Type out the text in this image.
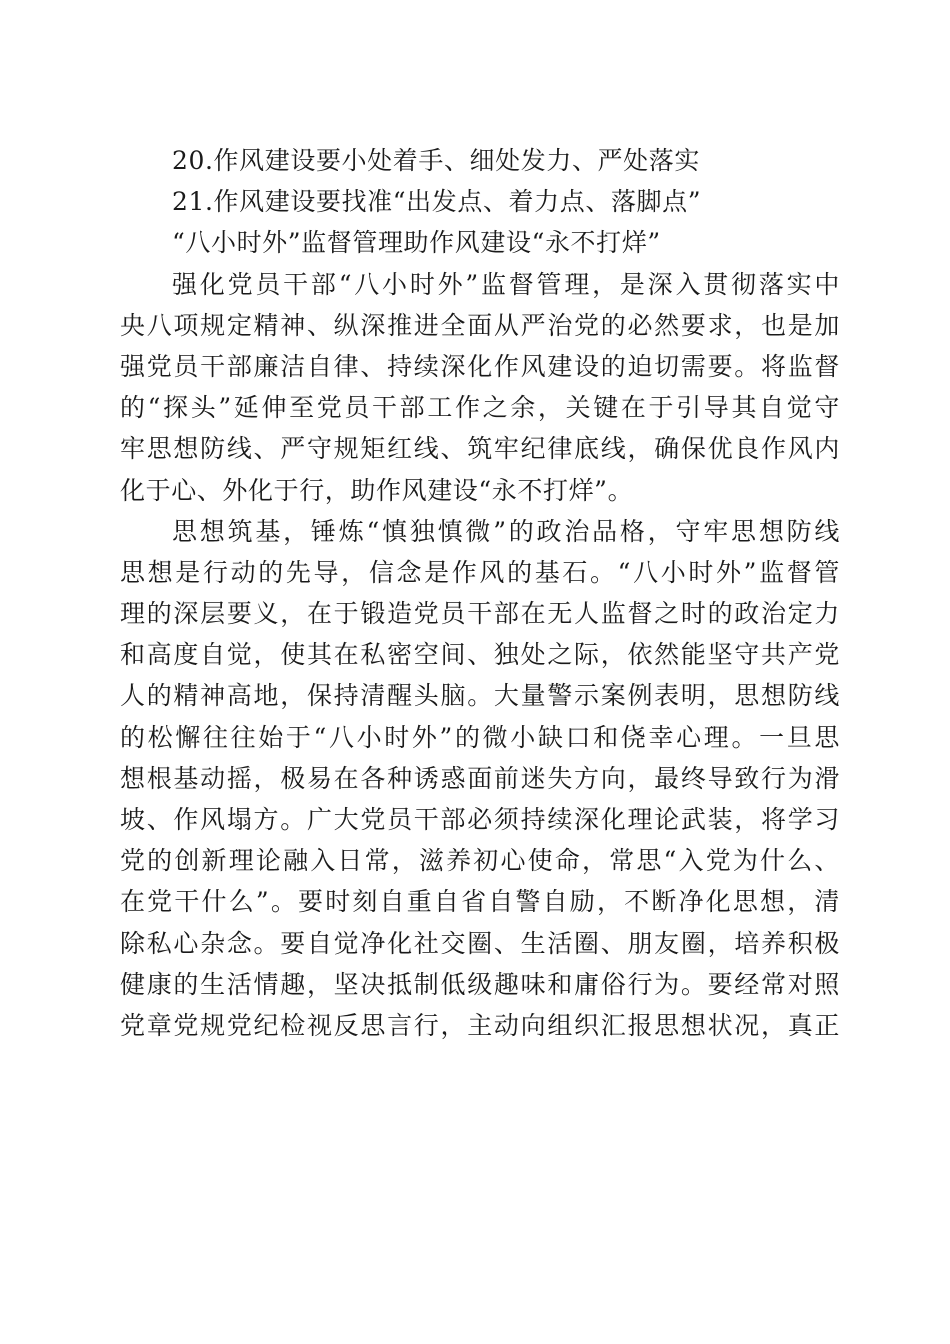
20.作风建设要小处着手、细处发力、严处落实
21.作风建设要找准“出发点、着力点、落脚点”
“八小时外”监督管理助作风建设“永不打烊”
强化党员干部“八小时外”监督管理，是深入贯彻落实中
央八项规定精神、纵深推进全面从严治党的必然要求，也是加
强党员干部廉洁自律、持续深化作风建设的迫切需要。将监督
的“探头”延伸至党员干部工作之余，关键在于引导其自觉守
牢思想防线、严守规矩红线、筑牢纪律底线，确保优良作风内
化于心、外化于行，助作风建设“永不打烊”。
思想筑基，锤炼“慎独慎微”的政治品格，守牢思想防线
思想是行动的先导，信念是作风的基石。“八小时外”监督管
理的深层要义，在于锻造党员干部在无人监督之时的政治定力
和高度自觉，使其在私密空间、独处之际，依然能坚守共产党
人的精神高地，保持清醒头脑。大量警示案例表明，思想防线
的松懈往往始于“八小时外”的微小缺口和侥幸心理。一旦思
想根基动摇，极易在各种诱惑面前迷失方向，最终导致行为滑
坡、作风塌方。广大党员干部必须持续深化理论武装，将学习
党的创新理论融入日常，滋养初心使命，常思“入党为什么、
在党干什么”。要时刻自重自省自警自励，不断净化思想，清
除私心杂念。要自觉净化社交圈、生活圈、朋友圈，培养积极
健康的生活情趣，坚决抵制低级趣味和庸俗行为。要经常对照
党章党规党纪检视反思言行，主动向组织汇报思想状况，真正
